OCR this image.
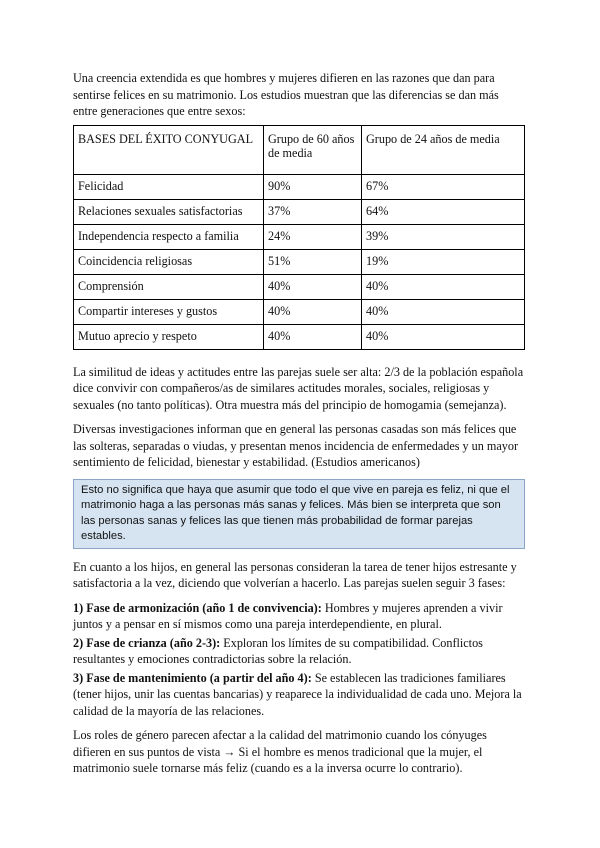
Una creencia extendida es que hombres y mujeres difieren en las razones que dan para sentirse felices en su matrimonio. Los estudios muestran que las diferencias se dan más entre generaciones que entre sexos:

BASES DEL ÉXITO CONYUGAL	Grupo de 60 años de media	Grupo de 24 años de media
Felicidad	90%	67%
Relaciones sexuales satisfactorias	37%	64%
Independencia respecto a familia	24%	39%
Coincidencia religiosas	51%	19%
Comprensión	40%	40%
Compartir intereses y gustos	40%	40%
Mutuo aprecio y respeto	40%	40%

La similitud de ideas y actitudes entre las parejas suele ser alta: 2/3 de la población española dice convivir con compañeros/as de similares actitudes morales, sociales, religiosas y sexuales (no tanto políticas). Otra muestra más del principio de homogamia (semejanza).

Diversas investigaciones informan que en general las personas casadas son más felices que las solteras, separadas o viudas, y presentan menos incidencia de enfermedades y un mayor sentimiento de felicidad, bienestar y estabilidad. (Estudios americanos)

Esto no significa que haya que asumir que todo el que vive en pareja es feliz, ni que el matrimonio haga a las personas más sanas y felices. Más bien se interpreta que son las personas sanas y felices las que tienen más probabilidad de formar parejas estables.

En cuanto a los hijos, en general las personas consideran la tarea de tener hijos estresante y satisfactoria a la vez, diciendo que volverían a hacerlo. Las parejas suelen seguir 3 fases:

1) Fase de armonización (año 1 de convivencia): Hombres y mujeres aprenden a vivir juntos y a pensar en sí mismos como una pareja interdependiente, en plural.

2) Fase de crianza (año 2-3): Exploran los límites de su compatibilidad. Conflictos resultantes y emociones contradictorias sobre la relación.

3) Fase de mantenimiento (a partir del año 4): Se establecen las tradiciones familiares (tener hijos, unir las cuentas bancarias) y reaparece la individualidad de cada uno. Mejora la calidad de la mayoría de las relaciones.

Los roles de género parecen afectar a la calidad del matrimonio cuando los cónyuges difieren en sus puntos de vista → Si el hombre es menos tradicional que la mujer, el matrimonio suele tornarse más feliz (cuando es a la inversa ocurre lo contrario).
